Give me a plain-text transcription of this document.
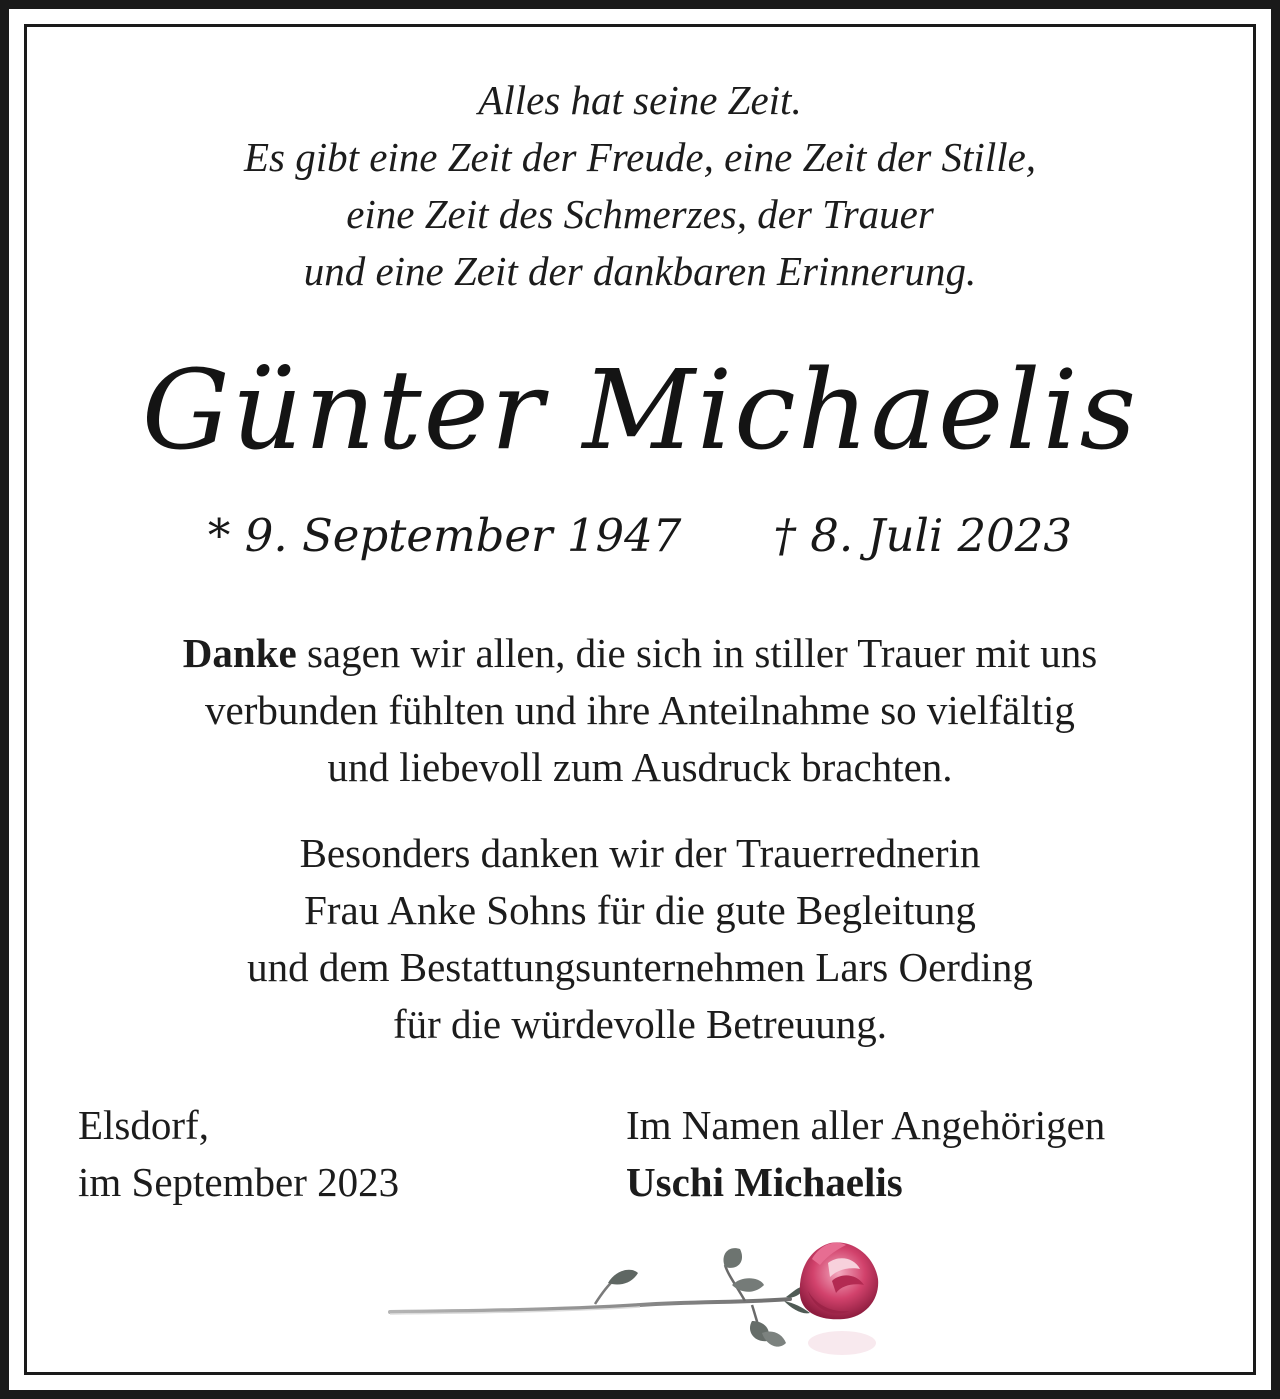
Alles hat seine Zeit.
Es gibt eine Zeit der Freude, eine Zeit der Stille,
eine Zeit des Schmerzes, der Trauer
und eine Zeit der dankbaren Erinnerung.
Günter Michaelis
* 9. September 1947 † 8. Juli 2023
Danke sagen wir allen, die sich in stiller Trauer mit uns
verbunden fühlten und ihre Anteilnahme so vielfältig
und liebevoll zum Ausdruck brachten.
Besonders danken wir der Trauerrednerin
Frau Anke Sohns für die gute Begleitung
und dem Bestattungsunternehmen Lars Oerding
für die würdevolle Betreuung.
Elsdorf,
im September 2023
Im Namen aller Angehörigen
Uschi Michaelis
